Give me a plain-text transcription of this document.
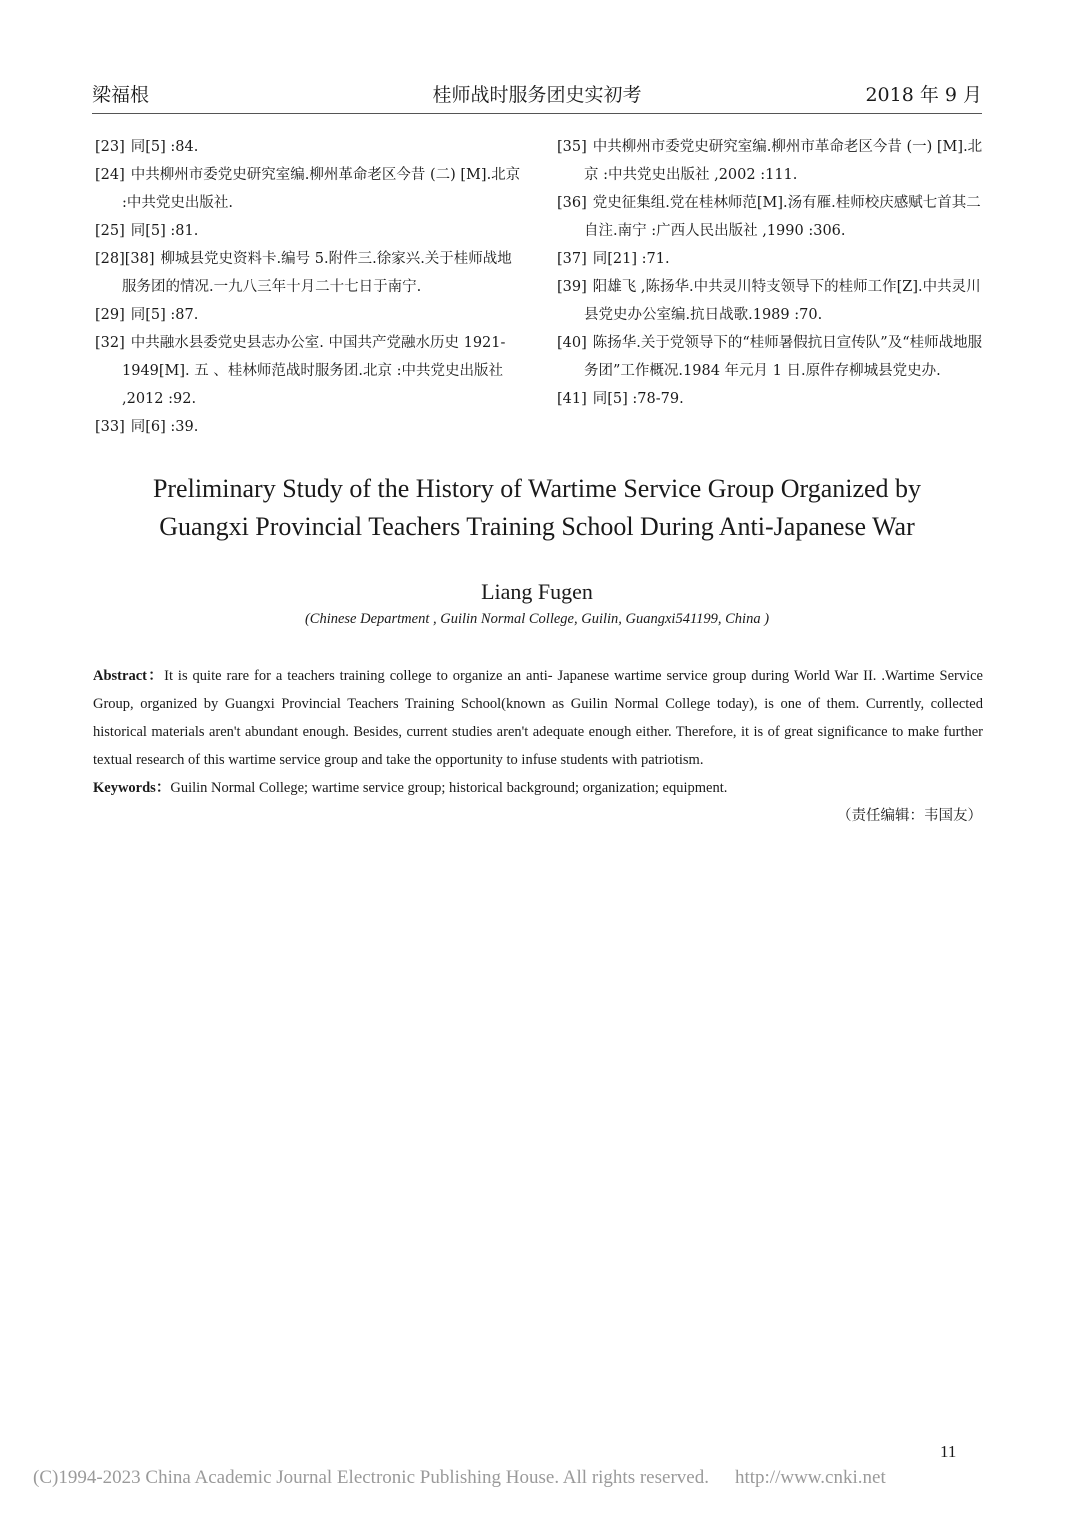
梁福根	桂师战时服务团史实初考	2018 年 9 月

[23] 同[5] :84.

[24] 中共柳州市委党史研究室编.柳州革命老区今昔 (二) [M].北京 :中共党史出版社.

[25] 同[5] :81.

[28][38] 柳城县党史资料卡.编号 5.附件三.徐家兴.关于桂师战地服务团的情况.一九八三年十月二十七日于南宁.

[29] 同[5] :87.

[32] 中共融水县委党史县志办公室. 中国共产党融水历史 1921-1949[M]. 五 、桂林师范战时服务团.北京 :中共党史出版社 ,2012 :92.

[33] 同[6] :39.

[35] 中共柳州市委党史研究室编.柳州市革命老区今昔 (一) [M].北京 :中共党史出版社 ,2002 :111.

[36] 党史征集组.党在桂林师范[M].汤有雁.桂师校庆感赋七首其二自注.南宁 :广西人民出版社 ,1990 :306.

[37] 同[21] :71.

[39] 阳雄飞 ,陈扬华.中共灵川特支领导下的桂师工作[Z].中共灵川县党史办公室编.抗日战歌.1989 :70.

[40] 陈扬华.关于党领导下的“桂师暑假抗日宣传队”及“桂师战地服务团”工作概况.1984 年元月 1 日.原件存柳城县党史办.

[41] 同[5] :78-79.

Preliminary Study of the History of Wartime Service Group Organized by
Guangxi Provincial Teachers Training School During Anti-Japanese War
Liang Fugen
(Chinese Department , Guilin Normal College, Guilin, Guangxi541199, China )
Abstract：It is quite rare for a teachers training college to organize an anti- Japanese wartime service group during World War II. .Wartime Service Group, organized by Guangxi Provincial Teachers Training School(known as Guilin Normal College today), is one of them. Currently, collected historical materials aren't abundant enough. Besides, current studies aren't adequate enough either. Therefore, it is of great significance to make further textual research of this wartime service group and take the opportunity to infuse students with patriotism.
Keywords：Guilin Normal College; wartime service group; historical background; organization; equipment.
（责任编辑：韦国友）
11
(C)1994-2023 China Academic Journal Electronic Publishing House. All rights reserved. http://www.cnki.net
